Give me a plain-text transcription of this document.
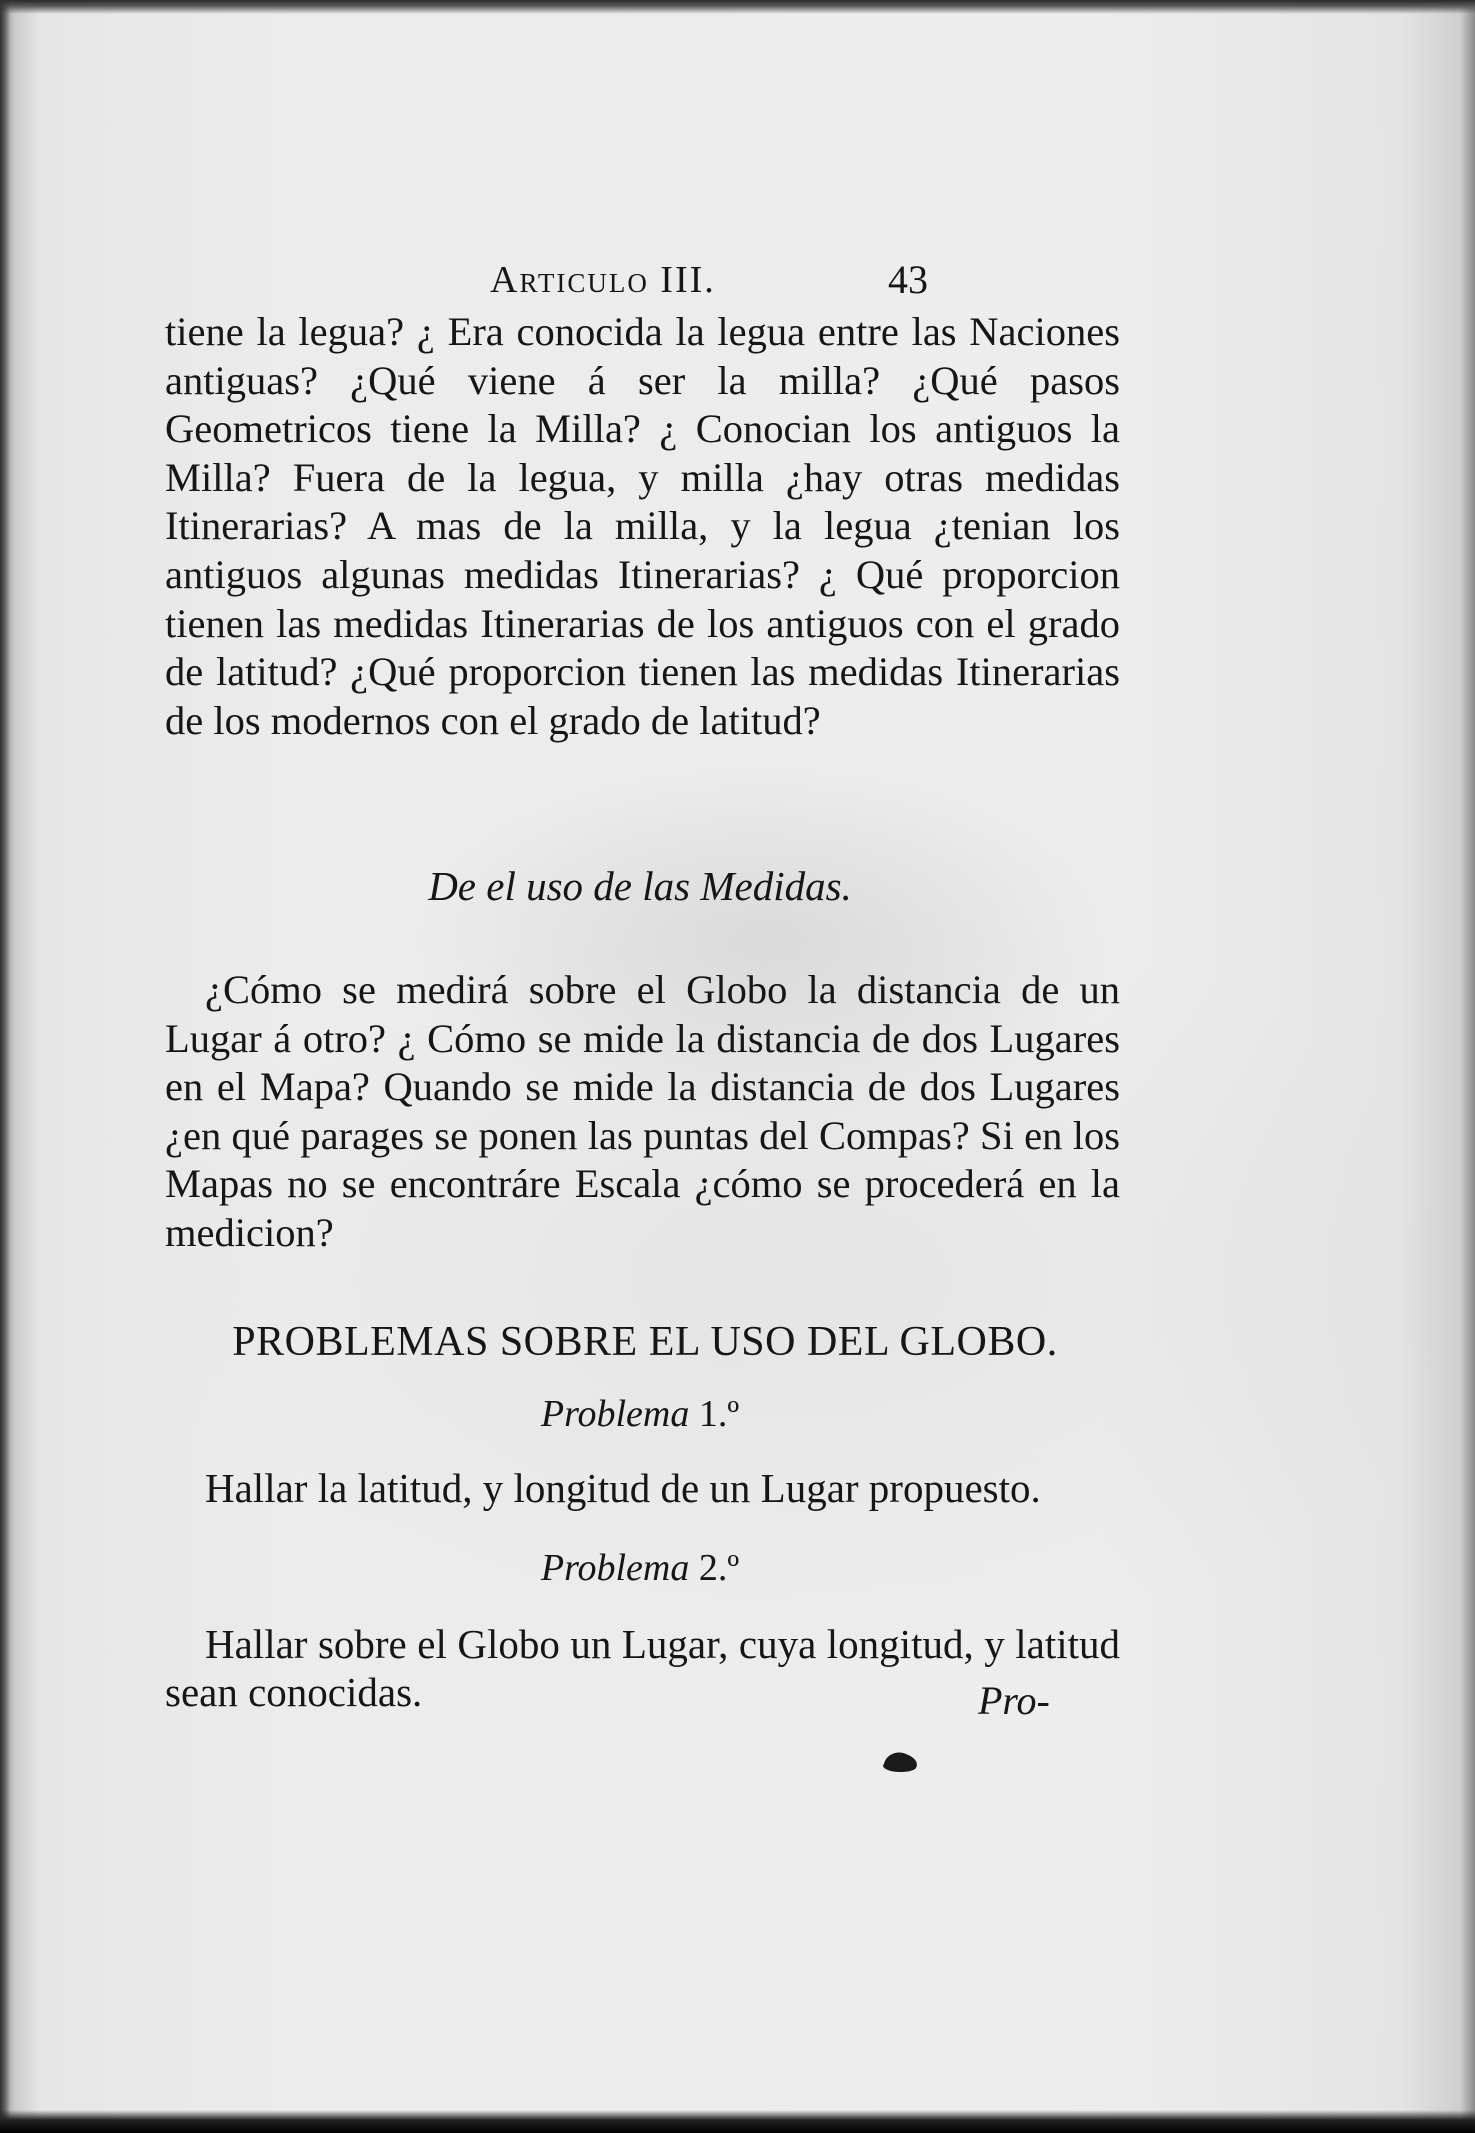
Articulo III.	43
tiene la legua? ¿ Era conocida la legua entre las Naciones antiguas? ¿Qué viene á ser la milla? ¿Qué pasos Geometricos tiene la Milla? ¿ Conocian los antiguos la Milla? Fuera de la legua, y milla ¿hay otras medidas Itinerarias? A mas de la milla, y la legua ¿tenian los antiguos algunas medidas Itinerarias? ¿ Qué proporcion tienen las medidas Itinerarias de los antiguos con el grado de latitud? ¿Qué proporcion tienen las medidas Itinerarias de los modernos con el grado de latitud?
De el uso de las Medidas.
¿Cómo se medirá sobre el Globo la distancia de un Lugar á otro? ¿ Cómo se mide la distancia de dos Lugares en el Mapa? Quando se mide la distancia de dos Lugares ¿en qué parages se ponen las puntas del Compas? Si en los Mapas no se encontráre Escala ¿cómo se procederá en la medicion?
PROBLEMAS SOBRE EL USO DEL GLOBO.
Problema 1.º
Hallar la latitud, y longitud de un Lugar propuesto.
Problema 2.º
Hallar sobre el Globo un Lugar, cuya longitud, y latitud sean conocidas.	Pro-
